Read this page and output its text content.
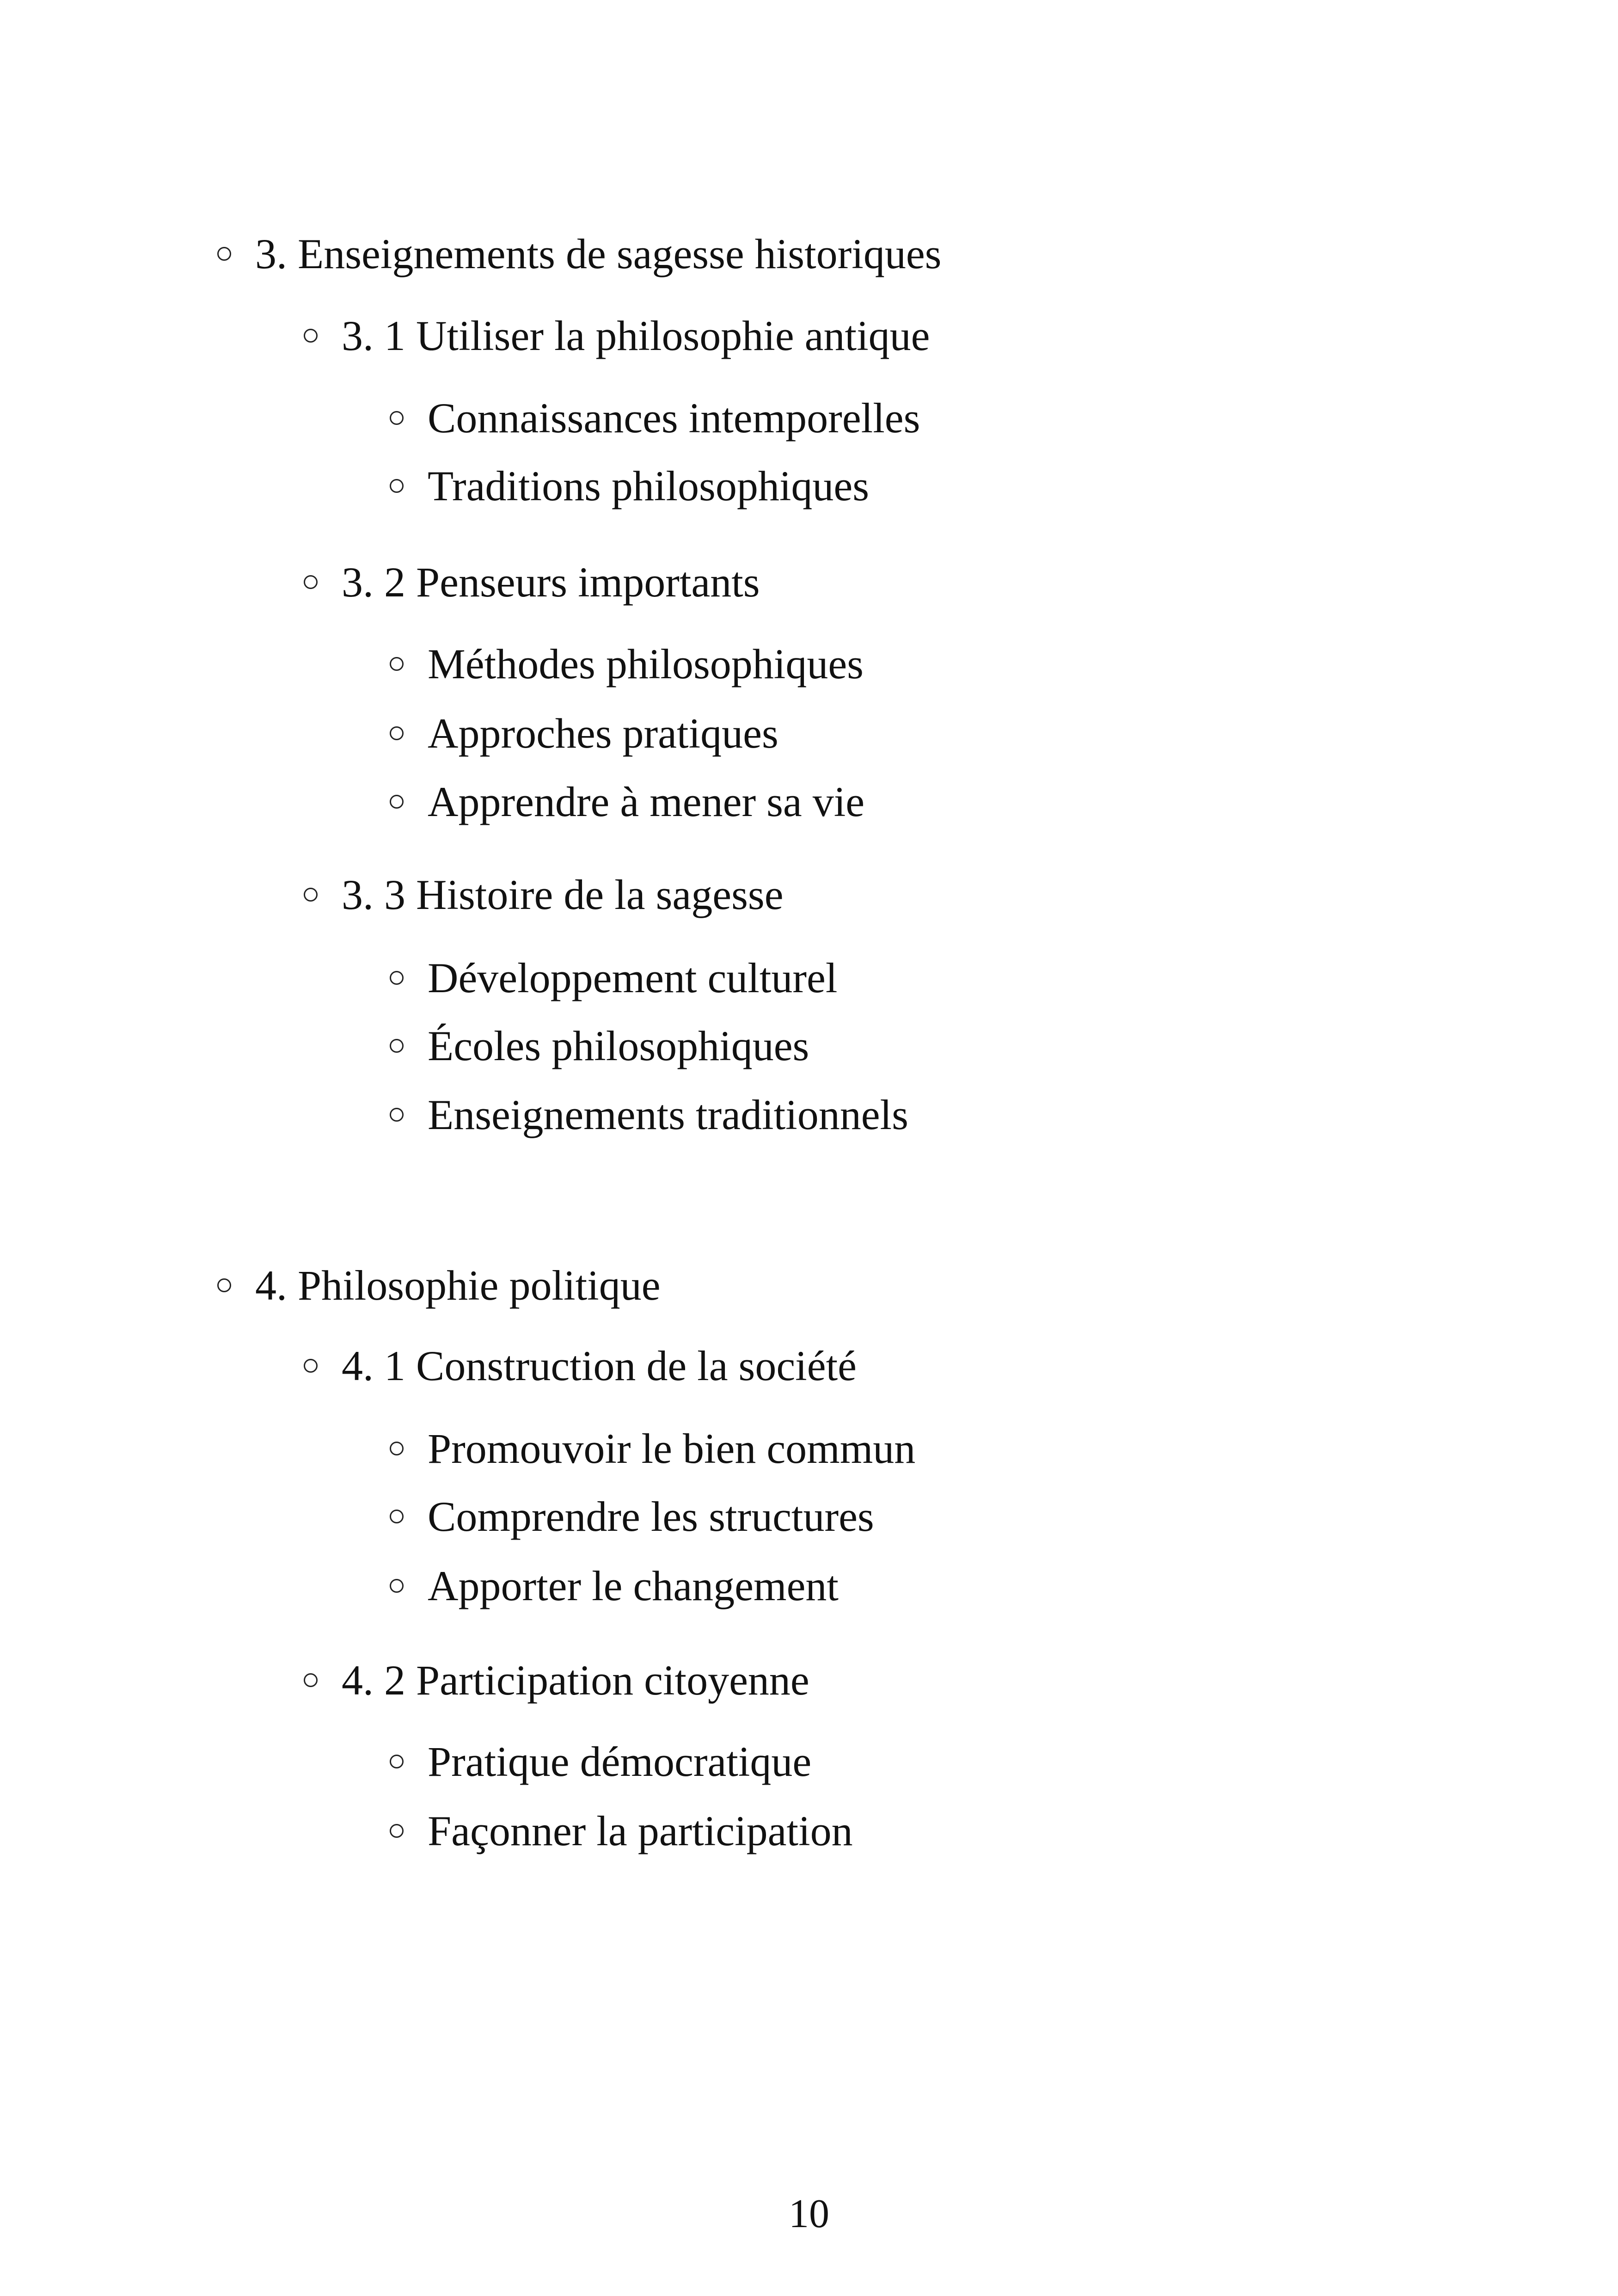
3. Enseignements de sagesse historiques
3. 1 Utiliser la philosophie antique
Connaissances intemporelles
Traditions philosophiques
3. 2 Penseurs importants
Méthodes philosophiques
Approches pratiques
Apprendre à mener sa vie
3. 3 Histoire de la sagesse
Développement culturel
Écoles philosophiques
Enseignements traditionnels
4. Philosophie politique
4. 1 Construction de la société
Promouvoir le bien commun
Comprendre les structures
Apporter le changement
4. 2 Participation citoyenne
Pratique démocratique
Façonner la participation
10
